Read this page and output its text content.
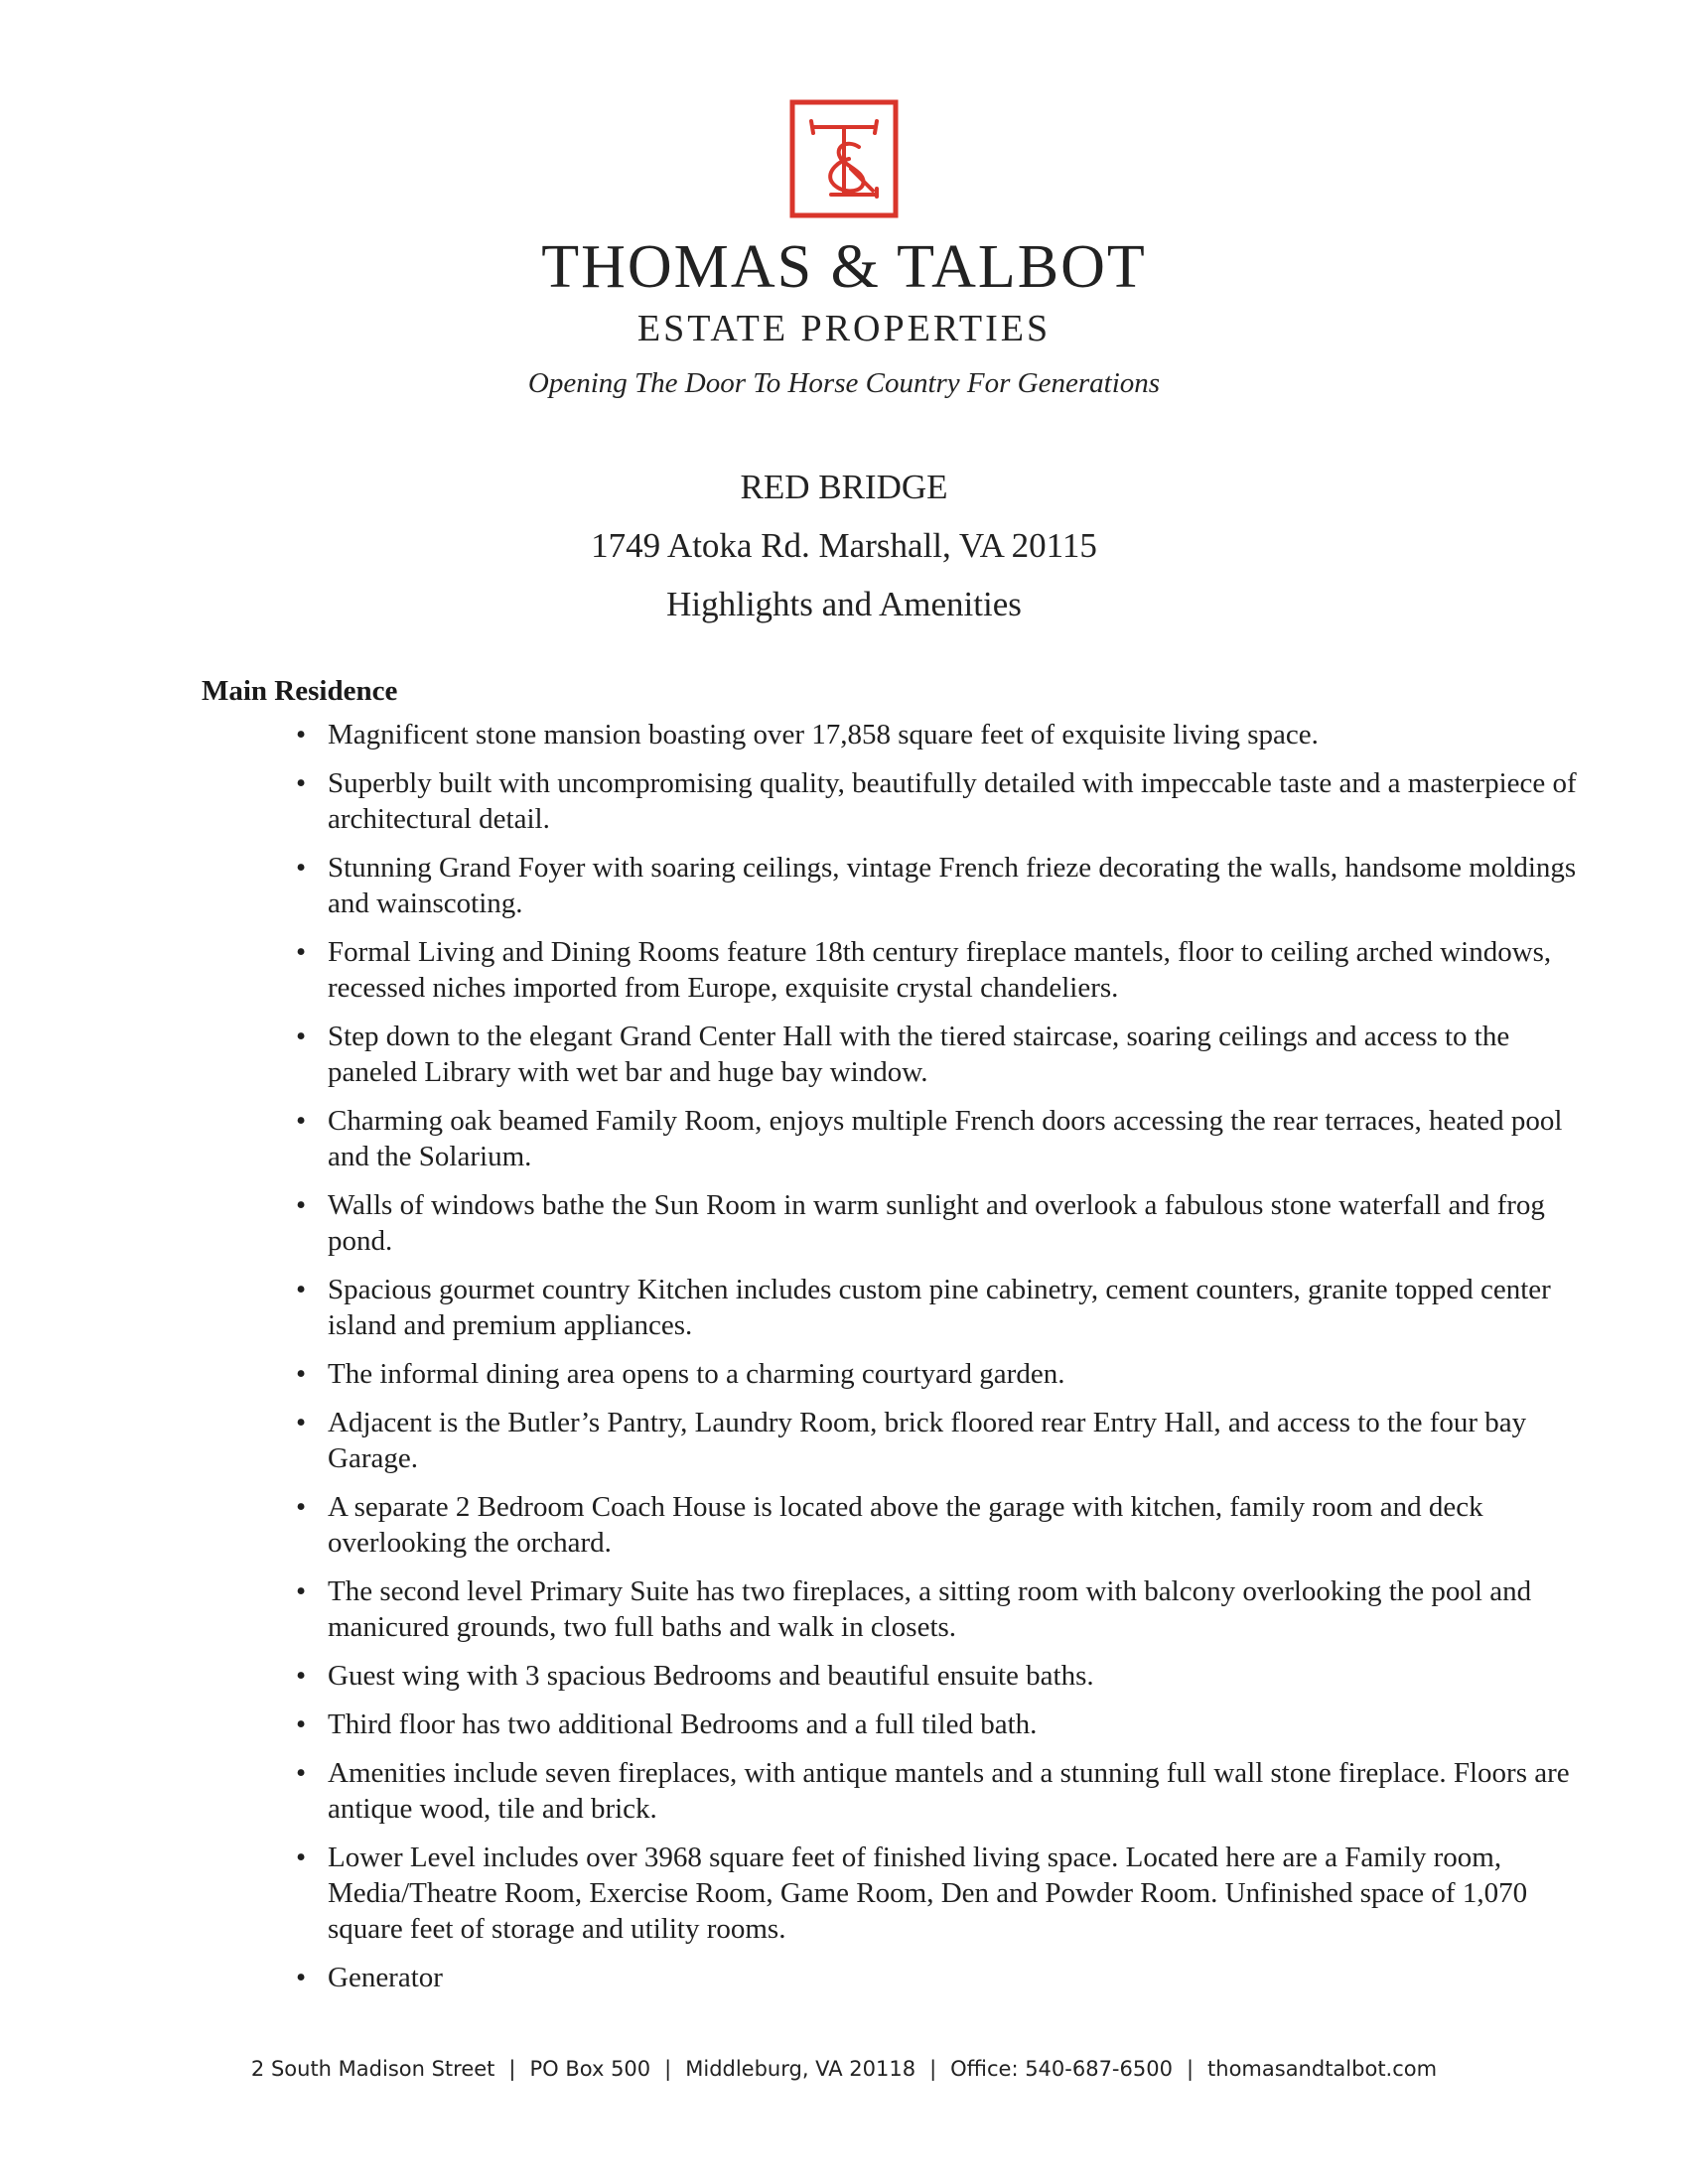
THOMAS & TALBOT
ESTATE PROPERTIES
Opening The Door To Horse Country For Generations
RED BRIDGE
1749 Atoka Rd. Marshall, VA 20115
Highlights and Amenities
Main Residence
• Magnificent stone mansion boasting over 17,858 square feet of exquisite living space.
• Superbly built with uncompromising quality, beautifully detailed with impeccable taste and a masterpiece of architectural detail.
• Stunning Grand Foyer with soaring ceilings, vintage French frieze decorating the walls, handsome moldings and wainscoting.
• Formal Living and Dining Rooms feature 18th century fireplace mantels, floor to ceiling arched windows, recessed niches imported from Europe, exquisite crystal chandeliers.
• Step down to the elegant Grand Center Hall with the tiered staircase, soaring ceilings and access to the paneled Library with wet bar and huge bay window.
• Charming oak beamed Family Room, enjoys multiple French doors accessing the rear terraces, heated pool and the Solarium.
• Walls of windows bathe the Sun Room in warm sunlight and overlook a fabulous stone waterfall and frog pond.
• Spacious gourmet country Kitchen includes custom pine cabinetry, cement counters, granite topped center island and premium appliances.
• The informal dining area opens to a charming courtyard garden.
• Adjacent is the Butler’s Pantry, Laundry Room, brick floored rear Entry Hall, and access to the four bay Garage.
• A separate 2 Bedroom Coach House is located above the garage with kitchen, family room and deck overlooking the orchard.
• The second level Primary Suite has two fireplaces, a sitting room with balcony overlooking the pool and manicured grounds, two full baths and walk in closets.
• Guest wing with 3 spacious Bedrooms and beautiful ensuite baths.
• Third floor has two additional Bedrooms and a full tiled bath.
• Amenities include seven fireplaces, with antique mantels and a stunning full wall stone fireplace. Floors are antique wood, tile and brick.
• Lower Level includes over 3968 square feet of finished living space. Located here are a Family room, Media/Theatre Room, Exercise Room, Game Room, Den and Powder Room. Unfinished space of 1,070 square feet of storage and utility rooms.
• Generator
2 South Madison Street | PO Box 500 | Middleburg, VA 20118 | Office: 540-687-6500 | thomasandtalbot.com
